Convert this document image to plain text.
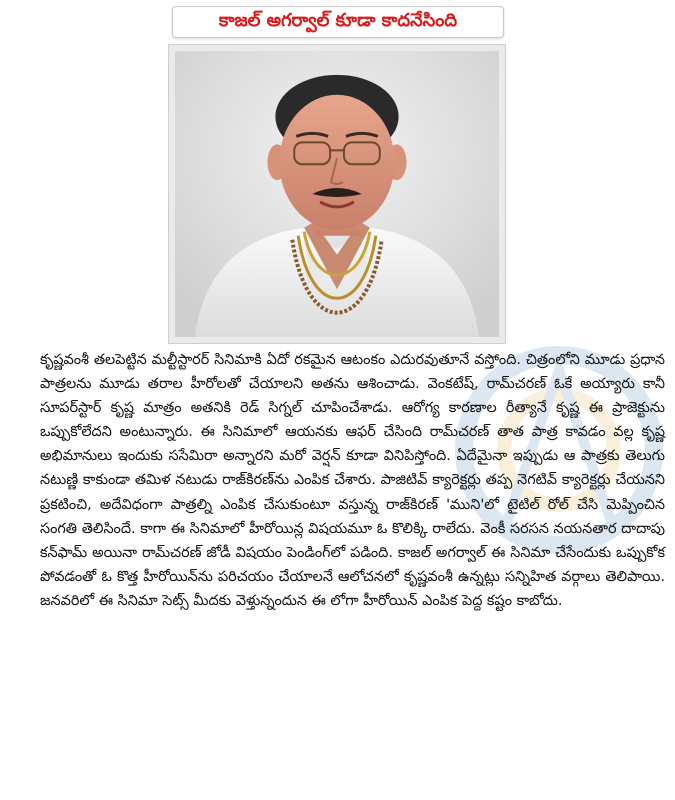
కాజల్ అగర్వాల్ కూడా కాదనేసింది

కృష్ణవంశీ తలపెట్టిన మల్టీస్టారర్ సినిమాకి ఏదో రకమైన ఆటంకం ఎదురవుతూనే వస్తోంది. చిత్రంలోని మూడు ప్రధాన పాత్రలను మూడు తరాల హీరోలతో చేయాలని అతను ఆశించాడు. వెంకటేష్, రామ్‌చరణ్ ఓకే అయ్యారు కానీ సూపర్‌స్టార్ కృష్ణ మాత్రం అతనికి రెడ్ సిగ్నల్ చూపించేశాడు. ఆరోగ్య కారణాల రీత్యానే కృష్ణ ఈ ప్రాజెక్టును ఒప్పుకోలేదని అంటున్నారు. ఈ సినిమాలో ఆయనకు ఆఫర్ చేసింది రామ్‌చరణ్ తాత పాత్ర కావడం వల్ల కృష్ణ అభిమానులు ఇందుకు ససేమిరా అన్నారని మరో వెర్షన్ కూడా వినిపిస్తోంది. ఏదేమైనా ఇప్పుడు ఆ పాత్రకు తెలుగు నటుణ్ణి కాకుండా తమిళ నటుడు రాజ్‌కిరణ్‌ను ఎంపిక చేశారు. పాజిటివ్ క్యారెక్టర్లు తప్ప నెగటివ్ క్యారెక్టర్లు చేయనని ప్రకటించి, అదేవిధంగా పాత్రల్ని ఎంపిక చేసుకుంటూ వస్తున్న రాజ్‌కిరణ్ 'ముని'లో టైటిల్ రోల్ చేసి మెప్పించిన సంగతి తెలిసిందే. కాగా ఈ సినిమాలో హీరోయిన్ల విషయమూ ఓ కొలిక్కి రాలేదు. వెంకీ సరసన నయనతార దాదాపు కన్‌ఫామ్ అయినా రామ్‌చరణ్ జోడీ విషయం పెండింగ్‌లో పడింది. కాజల్ అగర్వాల్ ఈ సినిమా చేసేందుకు ఒప్పుకోక పోవడంతో ఓ కొత్త హీరోయిన్‌ను పరిచయం చేయాలనే ఆలోచనలో కృష్ణవంశీ ఉన్నట్లు సన్నిహిత వర్గాలు తెలిపాయి. జనవరిలో ఈ సినిమా సెట్స్ మీదకు వెళ్తున్నందున ఈ లోగా హీరోయిన్ ఎంపిక పెద్ద కష్టం కాబోదు.
